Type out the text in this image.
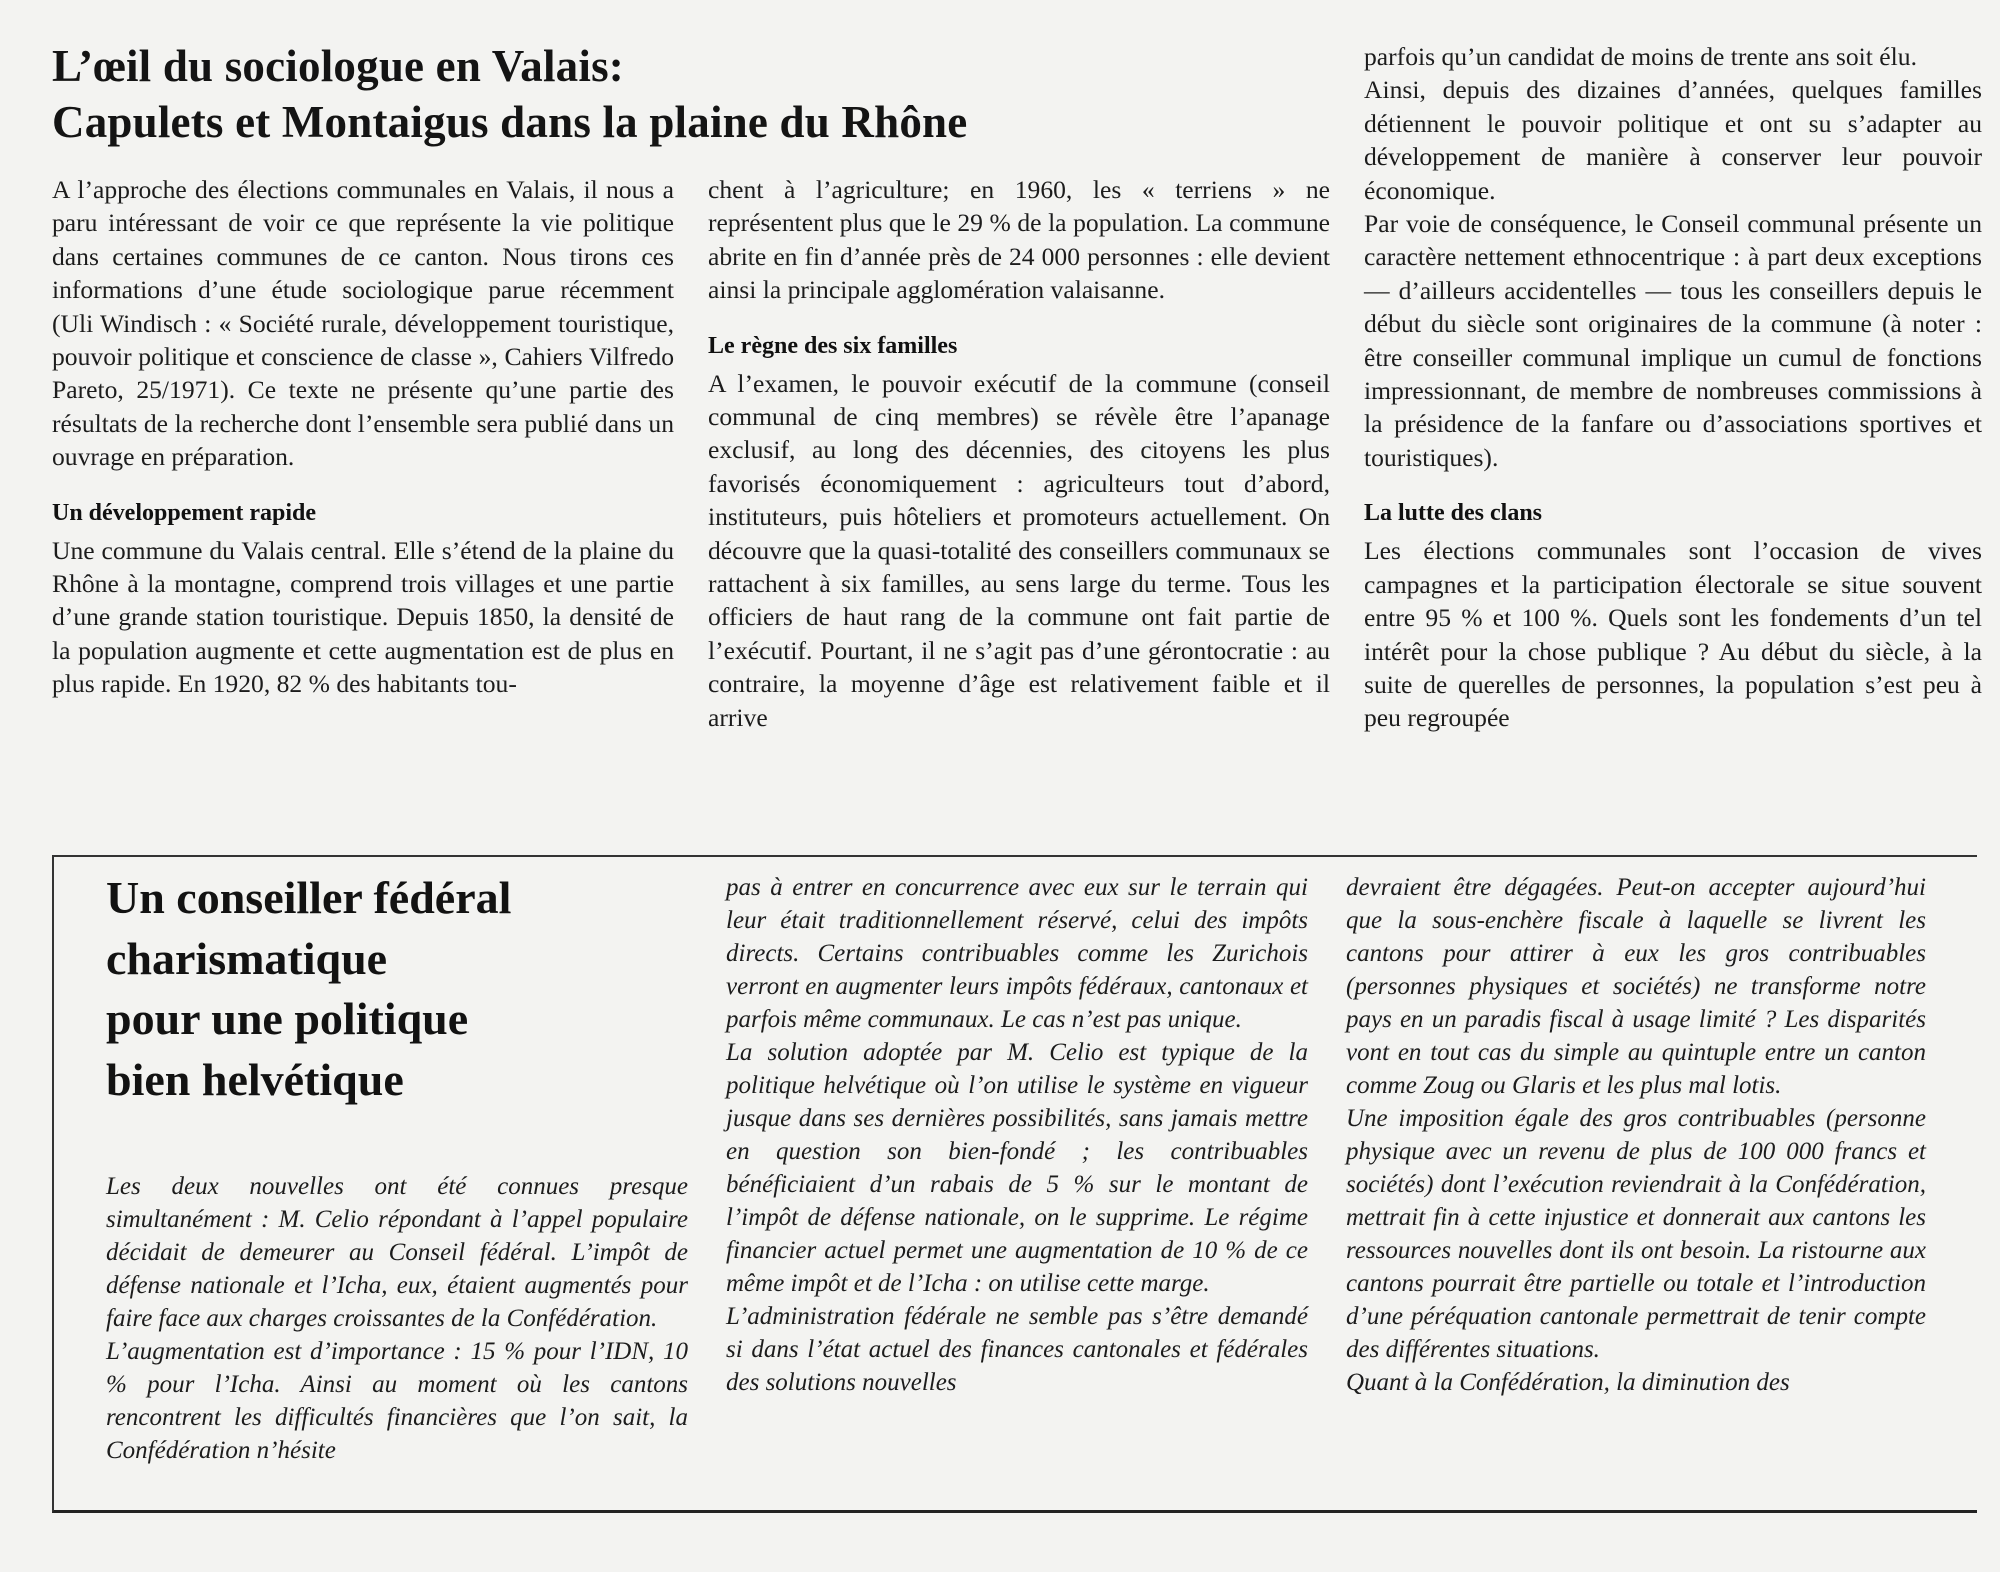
L’œil du sociologue en Valais:
Capulets et Montaigus dans la plaine du Rhône

A l’approche des élections communales en Valais, il nous a paru intéressant de voir ce que représente la vie politique dans certaines communes de ce canton. Nous tirons ces informations d’une étude sociologique parue récemment (Uli Windisch : « Société rurale, développement touristique, pouvoir politique et conscience de classe », Cahiers Vilfredo Pareto, 25/1971). Ce texte ne présente qu’une partie des résultats de la recherche dont l’ensemble sera publié dans un ouvrage en préparation.

Un développement rapide

Une commune du Valais central. Elle s’étend de la plaine du Rhône à la montagne, comprend trois villages et une partie d’une grande station touristique. Depuis 1850, la densité de la population augmente et cette augmentation est de plus en plus rapide. En 1920, 82 % des habitants tou-

chent à l’agriculture; en 1960, les « terriens » ne représentent plus que le 29 % de la population. La commune abrite en fin d’année près de 24 000 personnes : elle devient ainsi la principale agglomération valaisanne.

Le règne des six familles

A l’examen, le pouvoir exécutif de la commune (conseil communal de cinq membres) se révèle être l’apanage exclusif, au long des décennies, des citoyens les plus favorisés économiquement : agriculteurs tout d’abord, instituteurs, puis hôteliers et promoteurs actuellement. On découvre que la quasi-totalité des conseillers communaux se rattachent à six familles, au sens large du terme. Tous les officiers de haut rang de la commune ont fait partie de l’exécutif. Pourtant, il ne s’agit pas d’une gérontocratie : au contraire, la moyenne d’âge est relativement faible et il arrive

parfois qu’un candidat de moins de trente ans soit élu.

Ainsi, depuis des dizaines d’années, quelques familles détiennent le pouvoir politique et ont su s’adapter au développement de manière à conserver leur pouvoir économique.

Par voie de conséquence, le Conseil communal présente un caractère nettement ethnocentrique : à part deux exceptions — d’ailleurs accidentelles — tous les conseillers depuis le début du siècle sont originaires de la commune (à noter : être conseiller communal implique un cumul de fonctions impressionnant, de membre de nombreuses commissions à la présidence de la fanfare ou d’associations sportives et touristiques).

La lutte des clans

Les élections communales sont l’occasion de vives campagnes et la participation électorale se situe souvent entre 95 % et 100 %. Quels sont les fondements d’un tel intérêt pour la chose publique ? Au début du siècle, à la suite de querelles de personnes, la population s’est peu à peu regroupée

Un conseiller fédéral
charismatique
pour une politique
bien helvétique

Les deux nouvelles ont été connues presque simultanément : M. Celio répondant à l’appel populaire décidait de demeurer au Conseil fédéral. L’impôt de défense nationale et l’Icha, eux, étaient augmentés pour faire face aux charges croissantes de la Confédération.

L’augmentation est d’importance : 15 % pour l’IDN, 10 % pour l’Icha. Ainsi au moment où les cantons rencontrent les difficultés financières que l’on sait, la Confédération n’hésite

pas à entrer en concurrence avec eux sur le terrain qui leur était traditionnellement réservé, celui des impôts directs. Certains contribuables comme les Zurichois verront en augmenter leurs impôts fédéraux, cantonaux et parfois même communaux. Le cas n’est pas unique.

La solution adoptée par M. Celio est typique de la politique helvétique où l’on utilise le système en vigueur jusque dans ses dernières possibilités, sans jamais mettre en question son bien-fondé ; les contribuables bénéficiaient d’un rabais de 5 % sur le montant de l’impôt de défense nationale, on le supprime. Le régime financier actuel permet une augmentation de 10 % de ce même impôt et de l’Icha : on utilise cette marge.

L’administration fédérale ne semble pas s’être demandé si dans l’état actuel des finances cantonales et fédérales des solutions nouvelles

devraient être dégagées. Peut-on accepter aujourd’hui que la sous-enchère fiscale à laquelle se livrent les cantons pour attirer à eux les gros contribuables (personnes physiques et sociétés) ne transforme notre pays en un paradis fiscal à usage limité ? Les disparités vont en tout cas du simple au quintuple entre un canton comme Zoug ou Glaris et les plus mal lotis.

Une imposition égale des gros contribuables (personne physique avec un revenu de plus de 100 000 francs et sociétés) dont l’exécution reviendrait à la Confédération, mettrait fin à cette injustice et donnerait aux cantons les ressources nouvelles dont ils ont besoin. La ristourne aux cantons pourrait être partielle ou totale et l’introduction d’une péréquation cantonale permettrait de tenir compte des différentes situations.

Quant à la Confédération, la diminution des
